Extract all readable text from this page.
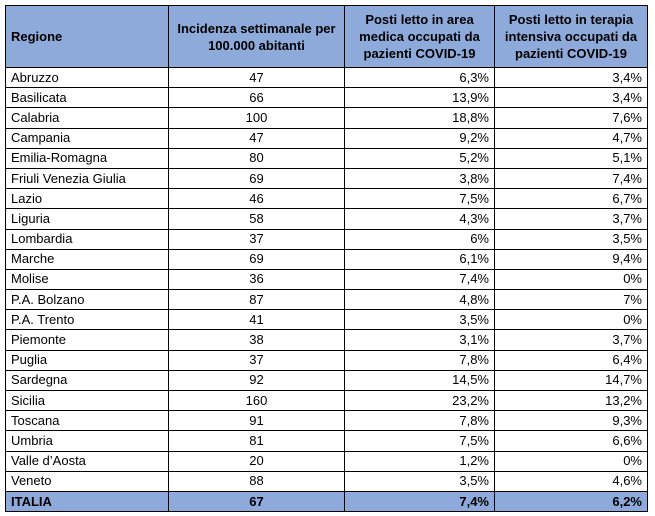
Regione	Incidenza settimanale per 100.000 abitanti	Posti letto in area medica occupati da pazienti COVID-19	Posti letto in terapia intensiva occupati da pazienti COVID-19
Abruzzo	47	6,3%	3,4%
Basilicata	66	13,9%	3,4%
Calabria	100	18,8%	7,6%
Campania	47	9,2%	4,7%
Emilia-Romagna	80	5,2%	5,1%
Friuli Venezia Giulia	69	3,8%	7,4%
Lazio	46	7,5%	6,7%
Liguria	58	4,3%	3,7%
Lombardia	37	6%	3,5%
Marche	69	6,1%	9,4%
Molise	36	7,4%	0%
P.A. Bolzano	87	4,8%	7%
P.A. Trento	41	3,5%	0%
Piemonte	38	3,1%	3,7%
Puglia	37	7,8%	6,4%
Sardegna	92	14,5%	14,7%
Sicilia	160	23,2%	13,2%
Toscana	91	7,8%	9,3%
Umbria	81	7,5%	6,6%
Valle d’Aosta	20	1,2%	0%
Veneto	88	3,5%	4,6%
ITALIA	67	7,4%	6,2%
